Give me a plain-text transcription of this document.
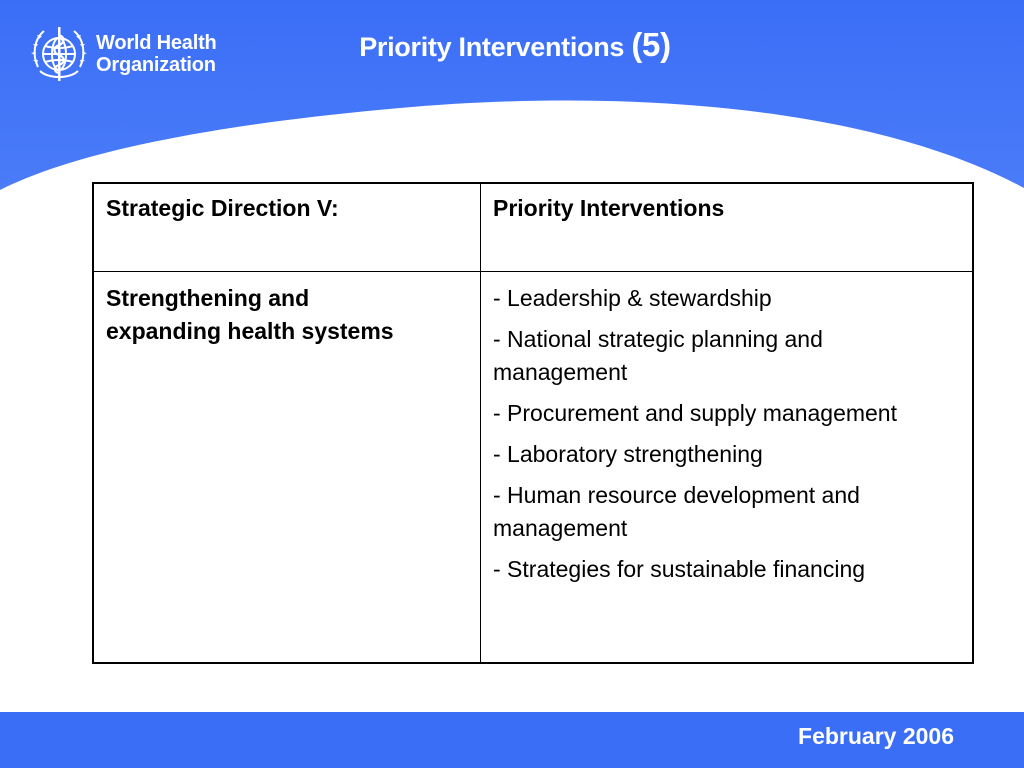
World Health
Organization
Priority Interventions (5)
Strategic Direction V:	Priority Interventions
Strengthening and
expanding health systems

- Leadership & stewardship

- National strategic planning and management

- Procurement and supply management

- Laboratory strengthening

- Human resource development and management

- Strategies for sustainable financing

February 2006
